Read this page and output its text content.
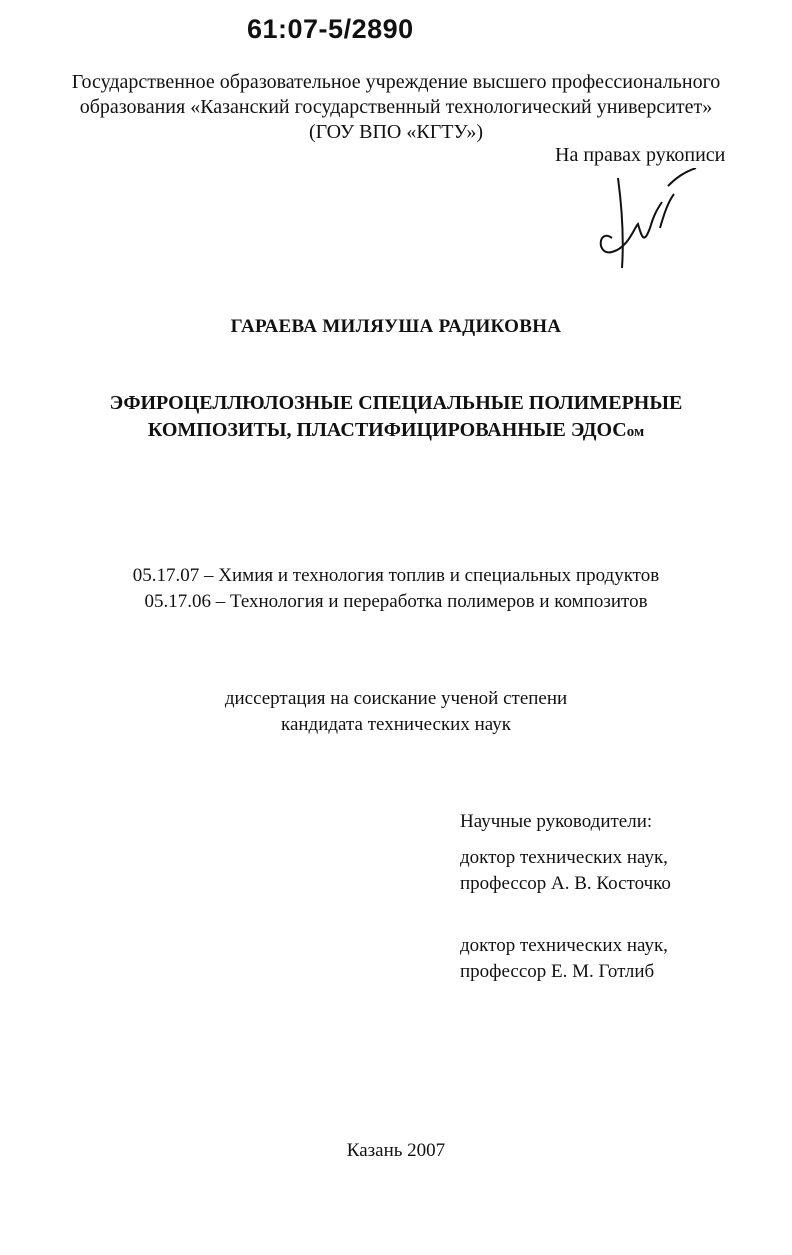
61:07-5/2890
Государственное образовательное учреждение высшего профессионального
образования «Казанский государственный технологический университет»
(ГОУ ВПО «КГТУ»)
На правах рукописи
ГАРАЕВА МИЛЯУША РАДИКОВНА
ЭФИРОЦЕЛЛЮЛОЗНЫЕ СПЕЦИАЛЬНЫЕ ПОЛИМЕРНЫЕ
КОМПОЗИТЫ, ПЛАСТИФИЦИРОВАННЫЕ ЭДОСом
05.17.07 – Химия и технология топлив и специальных продуктов
05.17.06 – Технология и переработка полимеров и композитов
диссертация на соискание ученой степени
кандидата технических наук
Научные руководители:
доктор технических наук,
профессор А. В. Косточко
доктор технических наук,
профессор Е. М. Готлиб
Казань 2007
